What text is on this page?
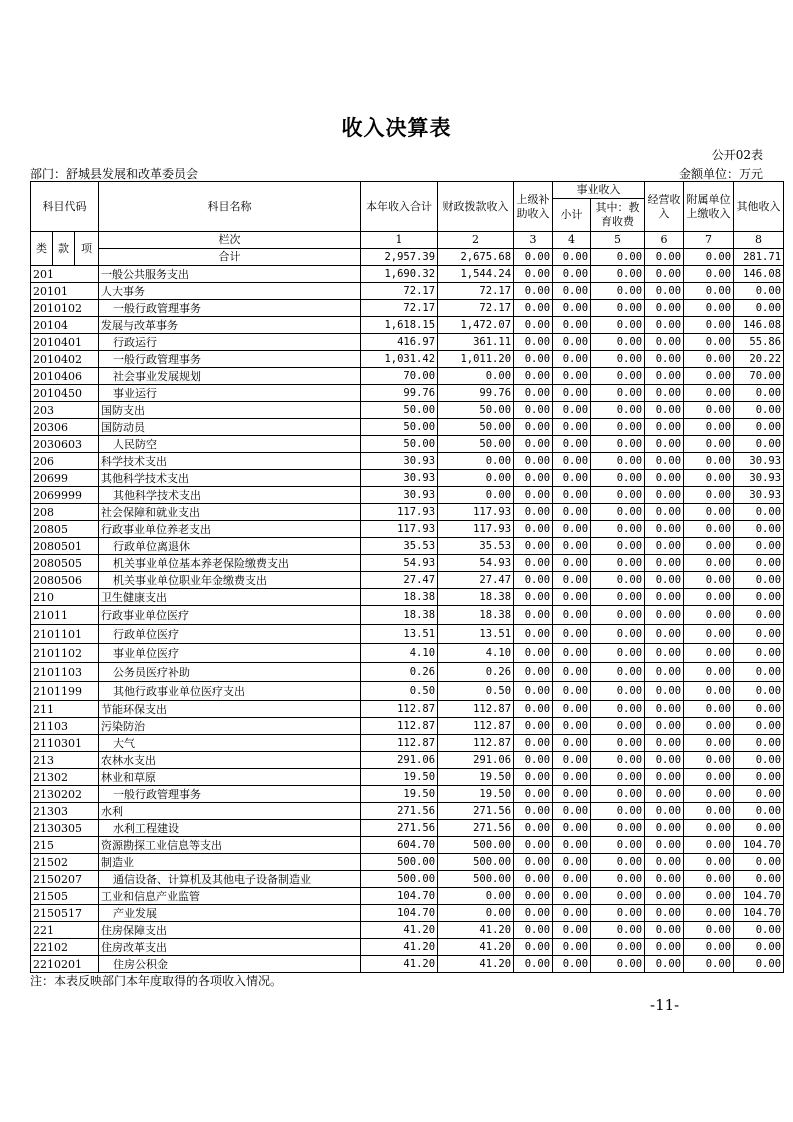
收入决算表
公开02表
部门：舒城县发展和改革委员会	金额单位：万元
科目代码			科目名称	本年收入合计	财政拨款收入	上级补助收入	事业收入		经营收入	附属单位上缴收入	其他收入
							小计	其中：教育收费			
类	款	项	栏次	1	2	3	4	5	6	7	8
			合计	2,957.39	2,675.68	0.00	0.00	0.00	0.00	0.00	281.71
201			一般公共服务支出	1,690.32	1,544.24	0.00	0.00	0.00	0.00	0.00	146.08
20101			人大事务	72.17	72.17	0.00	0.00	0.00	0.00	0.00	0.00
2010102			一般行政管理事务	72.17	72.17	0.00	0.00	0.00	0.00	0.00	0.00
20104			发展与改革事务	1,618.15	1,472.07	0.00	0.00	0.00	0.00	0.00	146.08
2010401			行政运行	416.97	361.11	0.00	0.00	0.00	0.00	0.00	55.86
2010402			一般行政管理事务	1,031.42	1,011.20	0.00	0.00	0.00	0.00	0.00	20.22
2010406			社会事业发展规划	70.00	0.00	0.00	0.00	0.00	0.00	0.00	70.00
2010450			事业运行	99.76	99.76	0.00	0.00	0.00	0.00	0.00	0.00
203			国防支出	50.00	50.00	0.00	0.00	0.00	0.00	0.00	0.00
20306			国防动员	50.00	50.00	0.00	0.00	0.00	0.00	0.00	0.00
2030603			人民防空	50.00	50.00	0.00	0.00	0.00	0.00	0.00	0.00
206			科学技术支出	30.93	0.00	0.00	0.00	0.00	0.00	0.00	30.93
20699			其他科学技术支出	30.93	0.00	0.00	0.00	0.00	0.00	0.00	30.93
2069999			其他科学技术支出	30.93	0.00	0.00	0.00	0.00	0.00	0.00	30.93
208			社会保障和就业支出	117.93	117.93	0.00	0.00	0.00	0.00	0.00	0.00
20805			行政事业单位养老支出	117.93	117.93	0.00	0.00	0.00	0.00	0.00	0.00
2080501			行政单位离退休	35.53	35.53	0.00	0.00	0.00	0.00	0.00	0.00
2080505			机关事业单位基本养老保险缴费支出	54.93	54.93	0.00	0.00	0.00	0.00	0.00	0.00
2080506			机关事业单位职业年金缴费支出	27.47	27.47	0.00	0.00	0.00	0.00	0.00	0.00
210			卫生健康支出	18.38	18.38	0.00	0.00	0.00	0.00	0.00	0.00
21011			行政事业单位医疗	18.38	18.38	0.00	0.00	0.00	0.00	0.00	0.00
2101101			行政单位医疗	13.51	13.51	0.00	0.00	0.00	0.00	0.00	0.00
2101102			事业单位医疗	4.10	4.10	0.00	0.00	0.00	0.00	0.00	0.00
2101103			公务员医疗补助	0.26	0.26	0.00	0.00	0.00	0.00	0.00	0.00
2101199			其他行政事业单位医疗支出	0.50	0.50	0.00	0.00	0.00	0.00	0.00	0.00
211			节能环保支出	112.87	112.87	0.00	0.00	0.00	0.00	0.00	0.00
21103			污染防治	112.87	112.87	0.00	0.00	0.00	0.00	0.00	0.00
2110301			大气	112.87	112.87	0.00	0.00	0.00	0.00	0.00	0.00
213			农林水支出	291.06	291.06	0.00	0.00	0.00	0.00	0.00	0.00
21302			林业和草原	19.50	19.50	0.00	0.00	0.00	0.00	0.00	0.00
2130202			一般行政管理事务	19.50	19.50	0.00	0.00	0.00	0.00	0.00	0.00
21303			水利	271.56	271.56	0.00	0.00	0.00	0.00	0.00	0.00
2130305			水利工程建设	271.56	271.56	0.00	0.00	0.00	0.00	0.00	0.00
215			资源勘探工业信息等支出	604.70	500.00	0.00	0.00	0.00	0.00	0.00	104.70
21502			制造业	500.00	500.00	0.00	0.00	0.00	0.00	0.00	0.00
2150207			通信设备、计算机及其他电子设备制造业	500.00	500.00	0.00	0.00	0.00	0.00	0.00	0.00
21505			工业和信息产业监管	104.70	0.00	0.00	0.00	0.00	0.00	0.00	104.70
2150517			产业发展	104.70	0.00	0.00	0.00	0.00	0.00	0.00	104.70
221			住房保障支出	41.20	41.20	0.00	0.00	0.00	0.00	0.00	0.00
22102			住房改革支出	41.20	41.20	0.00	0.00	0.00	0.00	0.00	0.00
2210201			住房公积金	41.20	41.20	0.00	0.00	0.00	0.00	0.00	0.00
注：本表反映部门本年度取得的各项收入情况。
-11-
